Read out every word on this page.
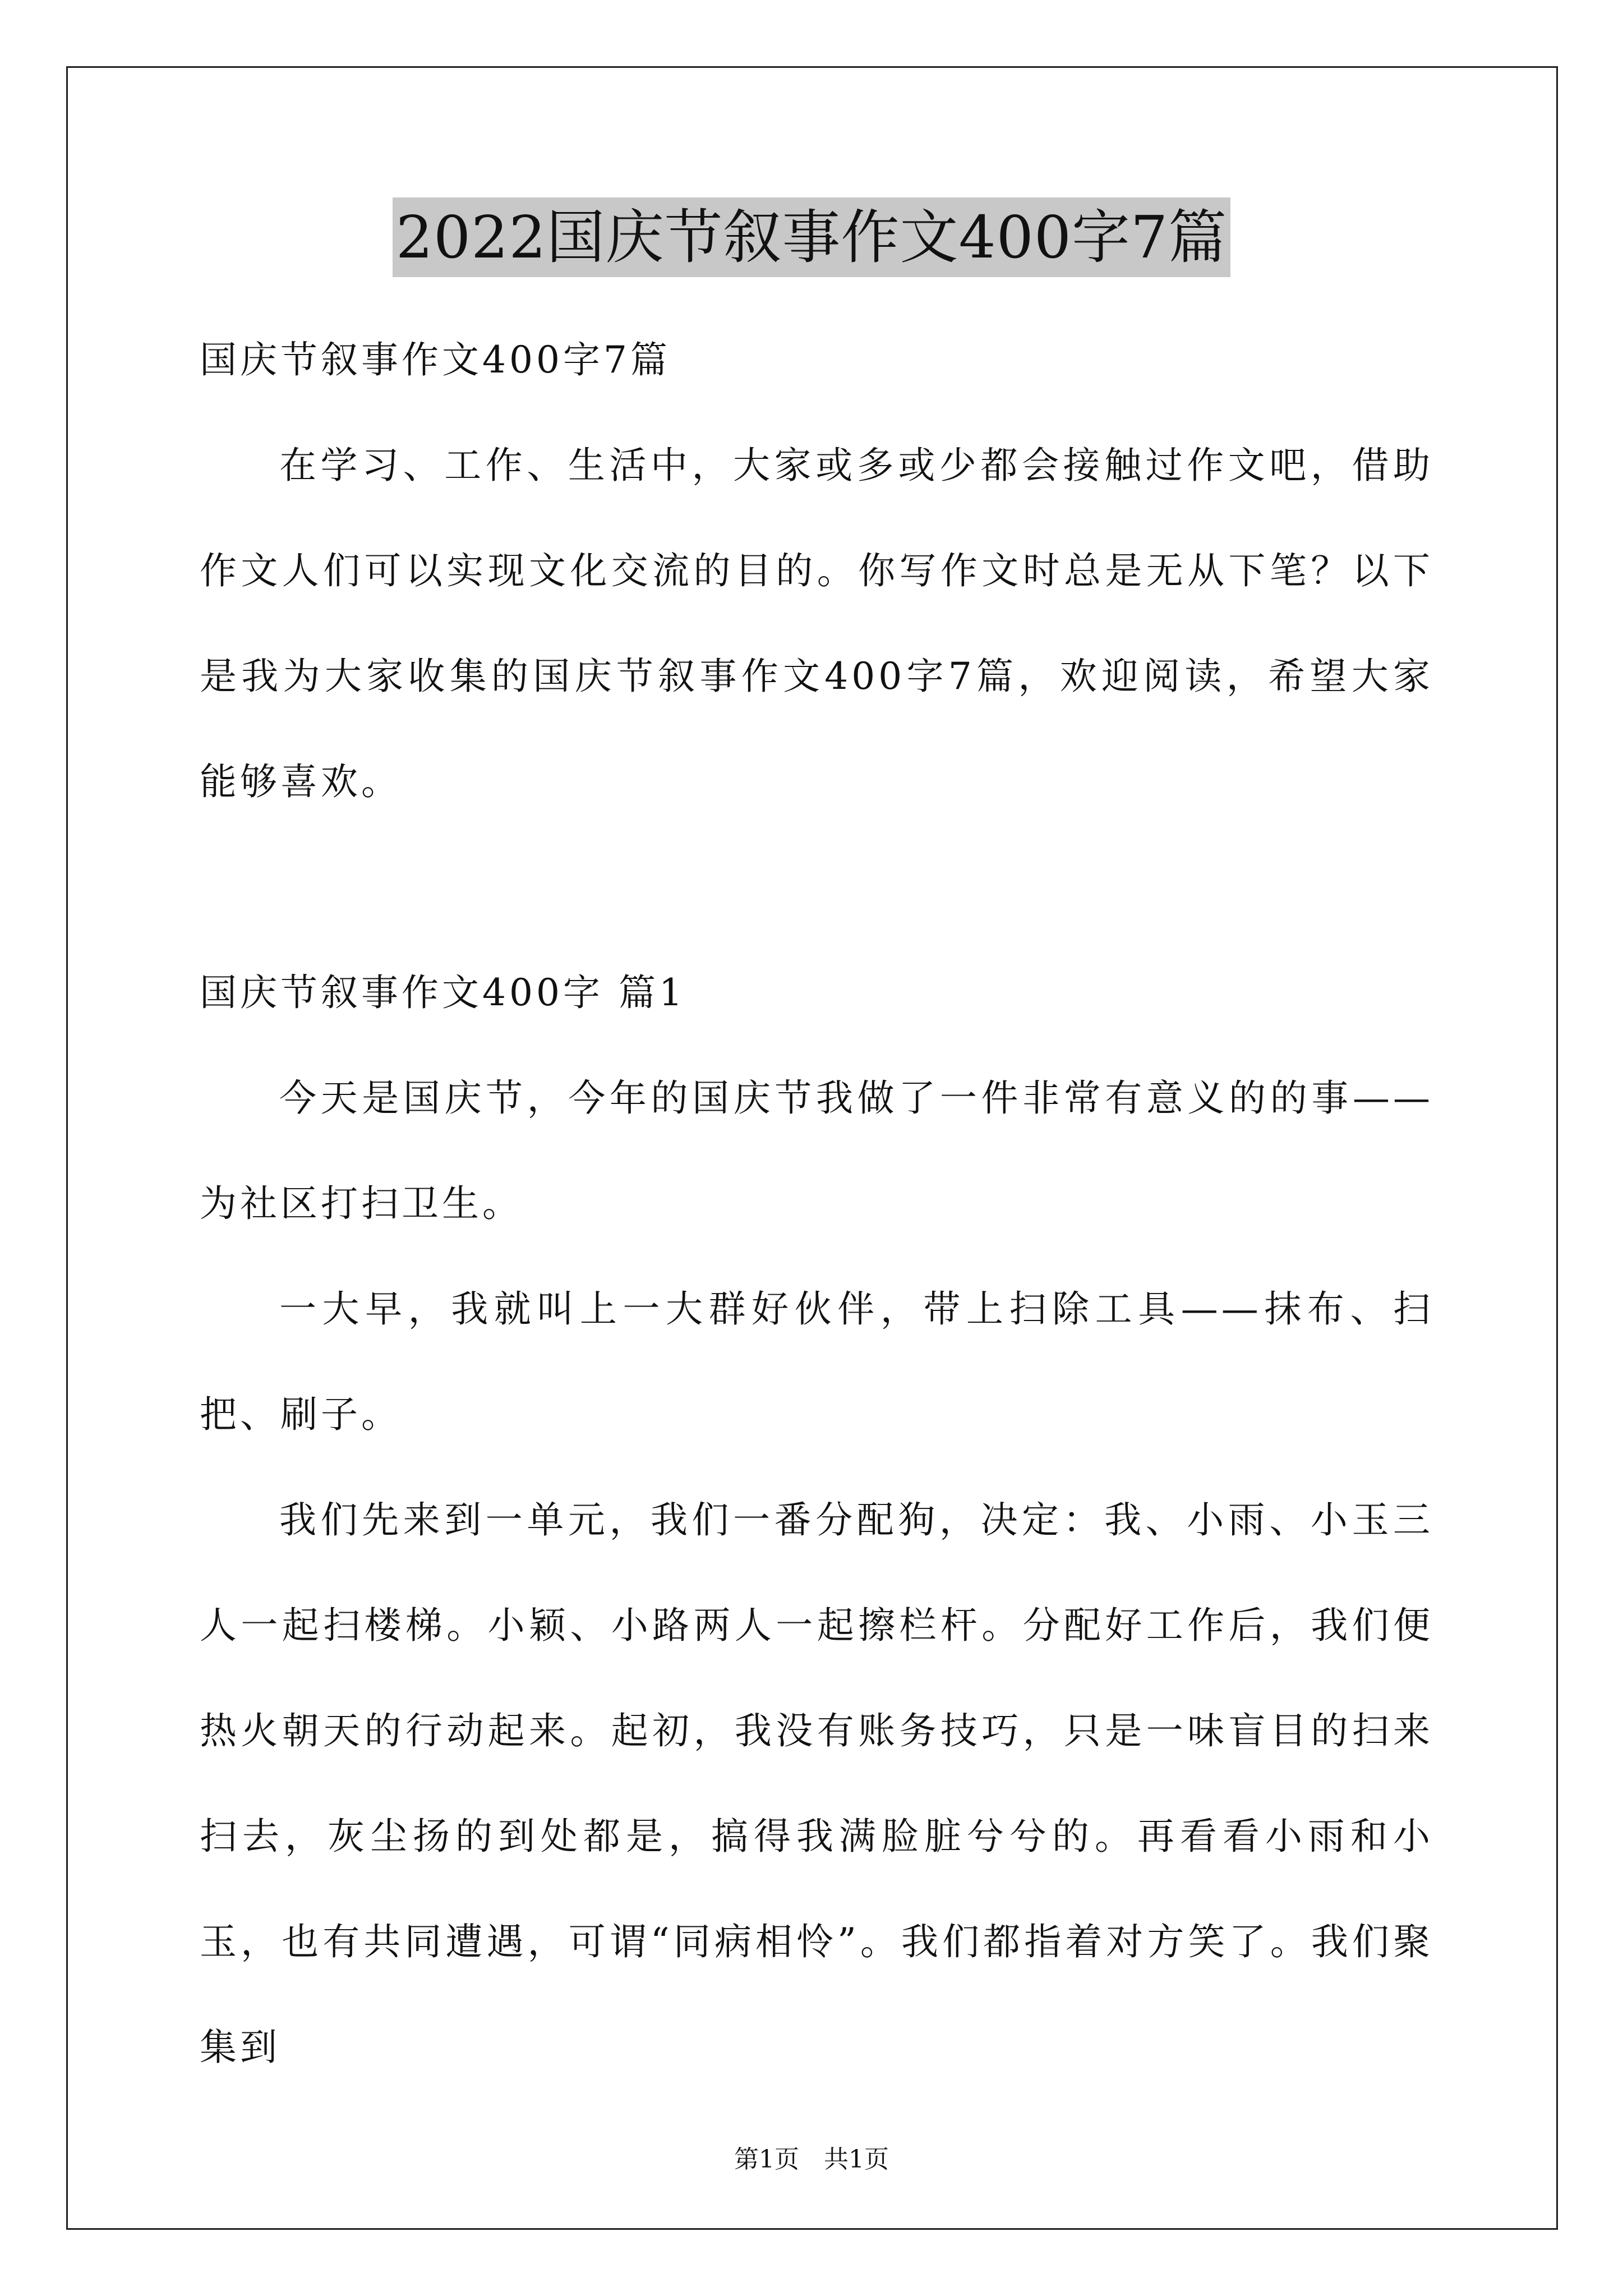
2022国庆节叙事作文400字7篇

国庆节叙事作文400字7篇

在学习、工作、生活中，大家或多或少都会接触过作文吧，借助作文人们可以实现文化交流的目的。你写作文时总是无从下笔？以下是我为大家收集的国庆节叙事作文400字7篇，欢迎阅读，希望大家能够喜欢。

国庆节叙事作文400字 篇1

今天是国庆节，今年的国庆节我做了一件非常有意义的的事——为社区打扫卫生。

一大早，我就叫上一大群好伙伴，带上扫除工具——抹布、扫把、刷子。

我们先来到一单元，我们一番分配狗，决定：我、小雨、小玉三人一起扫楼梯。小颖、小路两人一起擦栏杆。分配好工作后，我们便热火朝天的行动起来。起初，我没有账务技巧，只是一味盲目的扫来扫去，灰尘扬的到处都是，搞得我满脸脏兮兮的。再看看小雨和小玉，也有共同遭遇，可谓“同病相怜”。我们都指着对方笑了。我们聚集到

第1页 共1页
